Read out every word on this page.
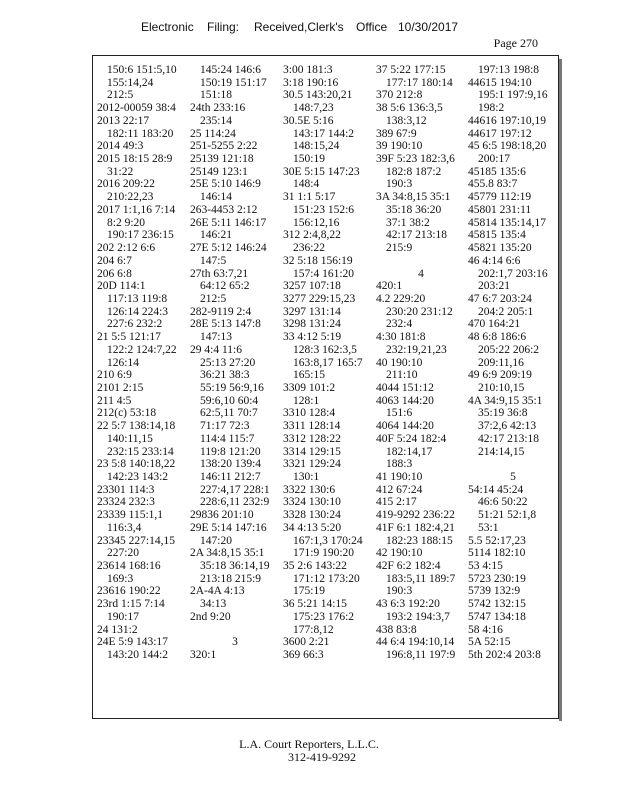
Electronic Filing: Received,Clerk's Office 10/30/2017
Page 270
150:6 151:5,10
155:14,24
212:5
2012-00059 38:4
2013 22:17
182:11 183:20
2014 49:3
2015 18:15 28:9
31:22
2016 209:22
210:22,23
2017 1:1,16 7:14
8:2 9:20
190:17 236:15
202 2:12 6:6
204 6:7
206 6:8
20D 114:1
117:13 119:8
126:14 224:3
227:6 232:2
21 5:5 121:17
122:2 124:7,22
126:14
210 6:9
2101 2:15
211 4:5
212(c) 53:18
22 5:7 138:14,18
140:11,15
232:15 233:14
23 5:8 140:18,22
142:23 143:2
23301 114:3
23324 232:3
23339 115:1,1
116:3,4
23345 227:14,15
227:20
23614 168:16
169:3
23616 190:22
23rd 1:15 7:14
190:17
24 131:2
24E 5:9 143:17
143:20 144:2
145:24 146:6
150:19 151:17
151:18
24th 233:16
235:14
25 114:24
251-5255 2:22
25139 121:18
25149 123:1
25E 5:10 146:9
146:14
263-4453 2:12
26E 5:11 146:17
146:21
27E 5:12 146:24
147:5
27th 63:7,21
64:12 65:2
212:5
282-9119 2:4
28E 5:13 147:8
147:13
29 4:4 11:6
25:13 27:20
36:21 38:3
55:19 56:9,16
59:6,10 60:4
62:5,11 70:7
71:17 72:3
114:4 115:7
119:8 121:20
138:20 139:4
146:11 212:7
227:4,17 228:1
228:6,11 232:9
29836 201:10
29E 5:14 147:16
147:20
2A 34:8,15 35:1
35:18 36:14,19
213:18 215:9
2A-4A 4:13
34:13
2nd 9:20
3
320:1
3:00 181:3
3:18 190:16
30.5 143:20,21
148:7,23
30.5E 5:16
143:17 144:2
148:15,24
150:19
30E 5:15 147:23
148:4
31 1:1 5:17
151:23 152:6
156:12,16
312 2:4,8,22
236:22
32 5:18 156:19
157:4 161:20
3257 107:18
3277 229:15,23
3297 131:14
3298 131:24
33 4:12 5:19
128:3 162:3,5
163:8,17 165:7
165:15
3309 101:2
128:1
3310 128:4
3311 128:14
3312 128:22
3314 129:15
3321 129:24
130:1
3322 130:6
3324 130:10
3328 130:24
34 4:13 5:20
167:1,3 170:24
171:9 190:20
35 2:6 143:22
171:12 173:20
175:19
36 5:21 14:15
175:23 176:2
177:8,12
3600 2:21
369 66:3
37 5:22 177:15
177:17 180:14
370 212:8
38 5:6 136:3,5
138:3,12
389 67:9
39 190:10
39F 5:23 182:3,6
182:8 187:2
190:3
3A 34:8,15 35:1
35:18 36:20
37:1 38:2
42:17 213:18
215:9
4
420:1
4.2 229:20
230:20 231:12
232:4
4:30 181:8
232:19,21,23
40 190:10
211:10
4044 151:12
4063 144:20
151:6
4064 144:20
40F 5:24 182:4
182:14,17
188:3
41 190:10
412 67:24
415 2:17
419-9292 236:22
41F 6:1 182:4,21
182:23 188:15
42 190:10
42F 6:2 182:4
183:5,11 189:7
190:3
43 6:3 192:20
193:2 194:3,7
438 83:8
44 6:4 194:10,14
196:8,11 197:9
197:13 198:8
44615 194:10
195:1 197:9,16
198:2
44616 197:10,19
44617 197:12
45 6:5 198:18,20
200:17
45185 135:6
455.8 83:7
45779 112:19
45801 231:11
45814 135:14,17
45815 135:4
45821 135:20
46 4:14 6:6
202:1,7 203:16
203:21
47 6:7 203:24
204:2 205:1
470 164:21
48 6:8 186:6
205:22 206:2
209:11,16
49 6:9 209:19
210:10,15
4A 34:9,15 35:1
35:19 36:8
37:2,6 42:13
42:17 213:18
214:14,15
5
54:14 45:24
46:6 50:22
51:21 52:1,8
53:1
5.5 52:17,23
5114 182:10
53 4:15
5723 230:19
5739 132:9
5742 132:15
5747 134:18
58 4:16
5A 52:15
5th 202:4 203:8
L.A. Court Reporters, L.L.C.
312-419-9292
